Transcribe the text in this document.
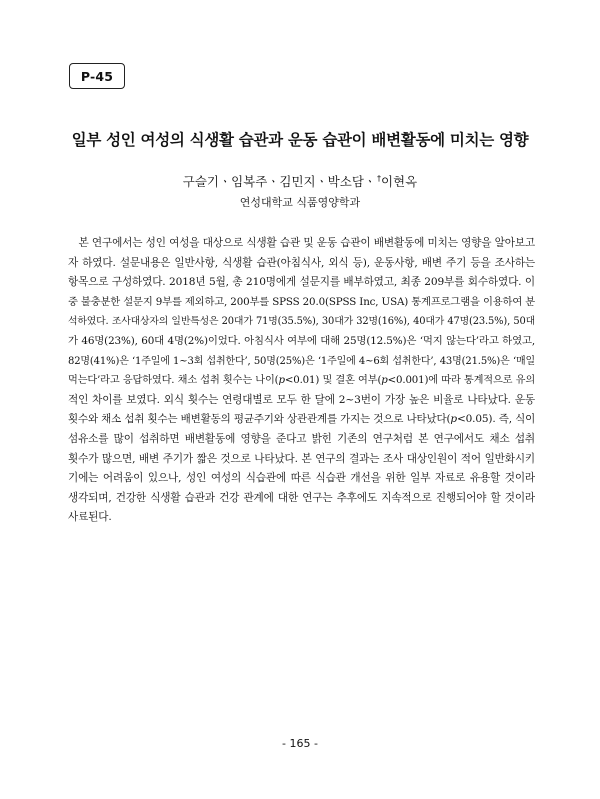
P-45
일부 성인 여성의 식생활 습관과 운동 습관이 배변활동에 미치는 영향
구슬기ㆍ임복주ㆍ김민지ㆍ박소담ㆍ†이현옥
연성대학교 식품영양학과
　본 연구에서는 성인 여성을 대상으로 식생활 습관 및 운동 습관이 배변활동에 미치는 영향을 알아보고
자 하였다. 설문내용은 일반사항, 식생활 습관(아침식사, 외식 등), 운동사항, 배변 주기 등을 조사하는
항목으로 구성하였다. 2018년 5월, 총 210명에게 설문지를 배부하였고, 최종 209부를 회수하였다. 이
중 불충분한 설문지 9부를 제외하고, 200부를 SPSS 20.0(SPSS Inc, USA) 통계프로그램을 이용하여 분
석하였다. 조사대상자의 일반특성은 20대가 71명(35.5%), 30대가 32명(16%), 40대가 47명(23.5%), 50대
가 46명(23%), 60대 4명(2%)이었다. 아침식사 여부에 대해 25명(12.5%)은 ‘먹지 않는다’라고 하였고,
82명(41%)은 ‘1주일에 1~3회 섭취한다’, 50명(25%)은 ‘1주일에 4~6회 섭취한다’, 43명(21.5%)은 ‘매일
먹는다’라고 응답하였다. 채소 섭취 횟수는 나이(p<0.01) 및 결혼 여부(p<0.001)에 따라 통계적으로 유의
적인 차이를 보였다. 외식 횟수는 연령대별로 모두 한 달에 2~3번이 가장 높은 비율로 나타났다. 운동
횟수와 채소 섭취 횟수는 배변활동의 평균주기와 상관관계를 가지는 것으로 나타났다(p<0.05). 즉, 식이
섬유소를 많이 섭취하면 배변활동에 영향을 준다고 밝힌 기존의 연구처럼 본 연구에서도 채소 섭취
횟수가 많으면, 배변 주기가 짧은 것으로 나타났다. 본 연구의 결과는 조사 대상인원이 적어 일반화시키
기에는 어려움이 있으나, 성인 여성의 식습관에 따른 식습관 개선을 위한 일부 자료로 유용할 것이라
생각되며, 건강한 식생활 습관과 건강 관계에 대한 연구는 추후에도 지속적으로 진행되어야 할 것이라
사료된다.
- 165 -
